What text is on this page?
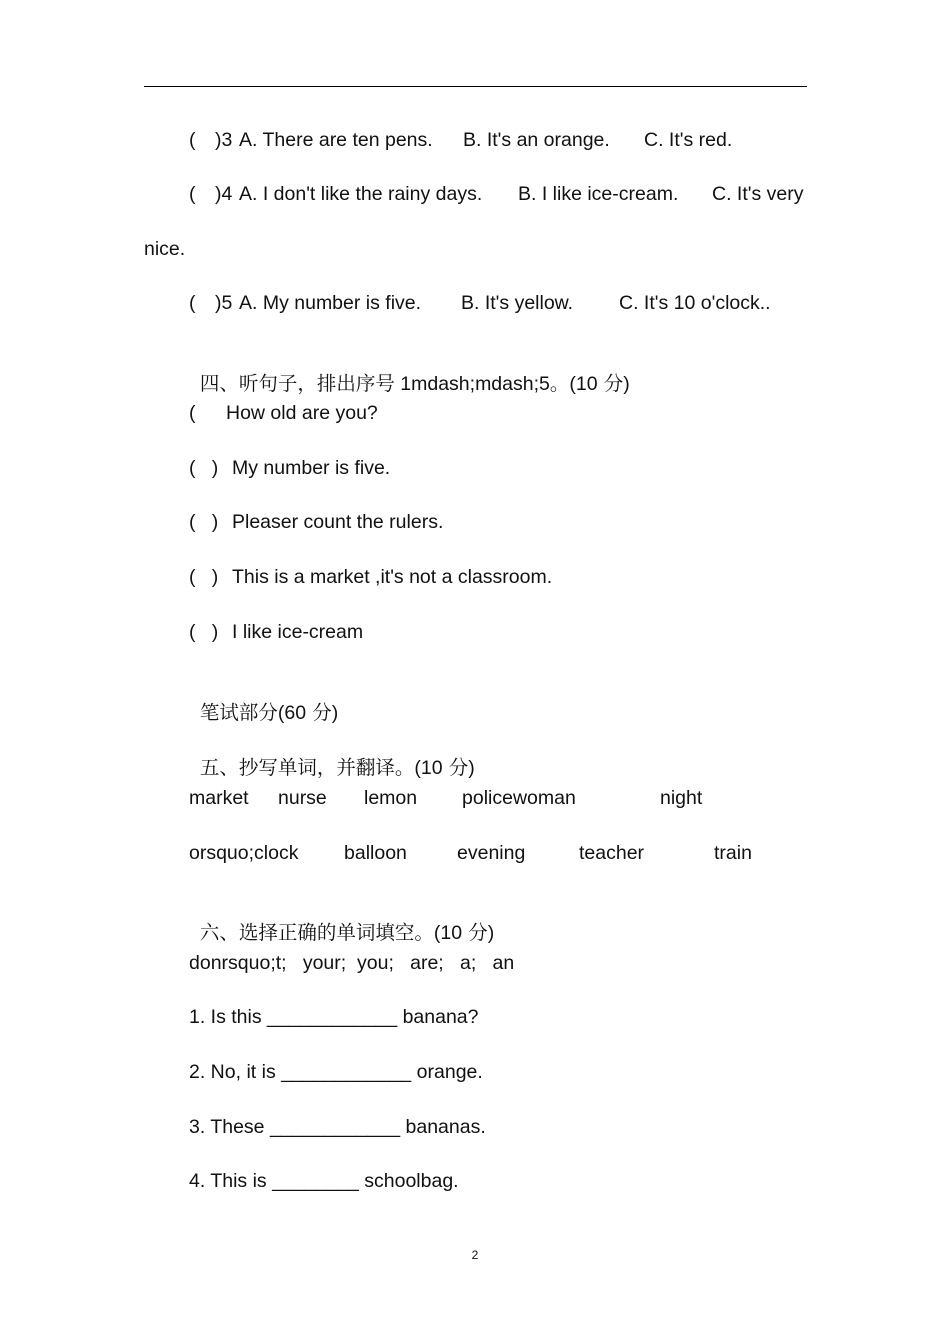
( )3 A. There are ten pens. B. It's an orange. C. It's red.
( )4 A. I don't like the rainy days. B. I like ice-cream. C. It's very
nice.
( )5 A. My number is five. B. It's yellow. C. It's 10 o'clock..

四、听句子，排出序号 1mdash;mdash;5。(10 分)

( How old are you?
(   ) My number is five.
(   ) Pleaser count the rulers.
(   ) This is a market ,it's not a classroom.
(   ) I like ice-cream

笔试部分(60 分)

五、抄写单词，并翻译。(10 分)

market nurse lemon policewoman	night
orsquo;clock balloon	evening	teacher	train

六、选择正确的单词填空。(10 分)

donrsquo;t;   your;  you;   are;   a;   an
1. Is this ____________ banana?
2. No, it is ____________ orange.
3. These ____________ bananas.
4. This is ________ schoolbag.
2
